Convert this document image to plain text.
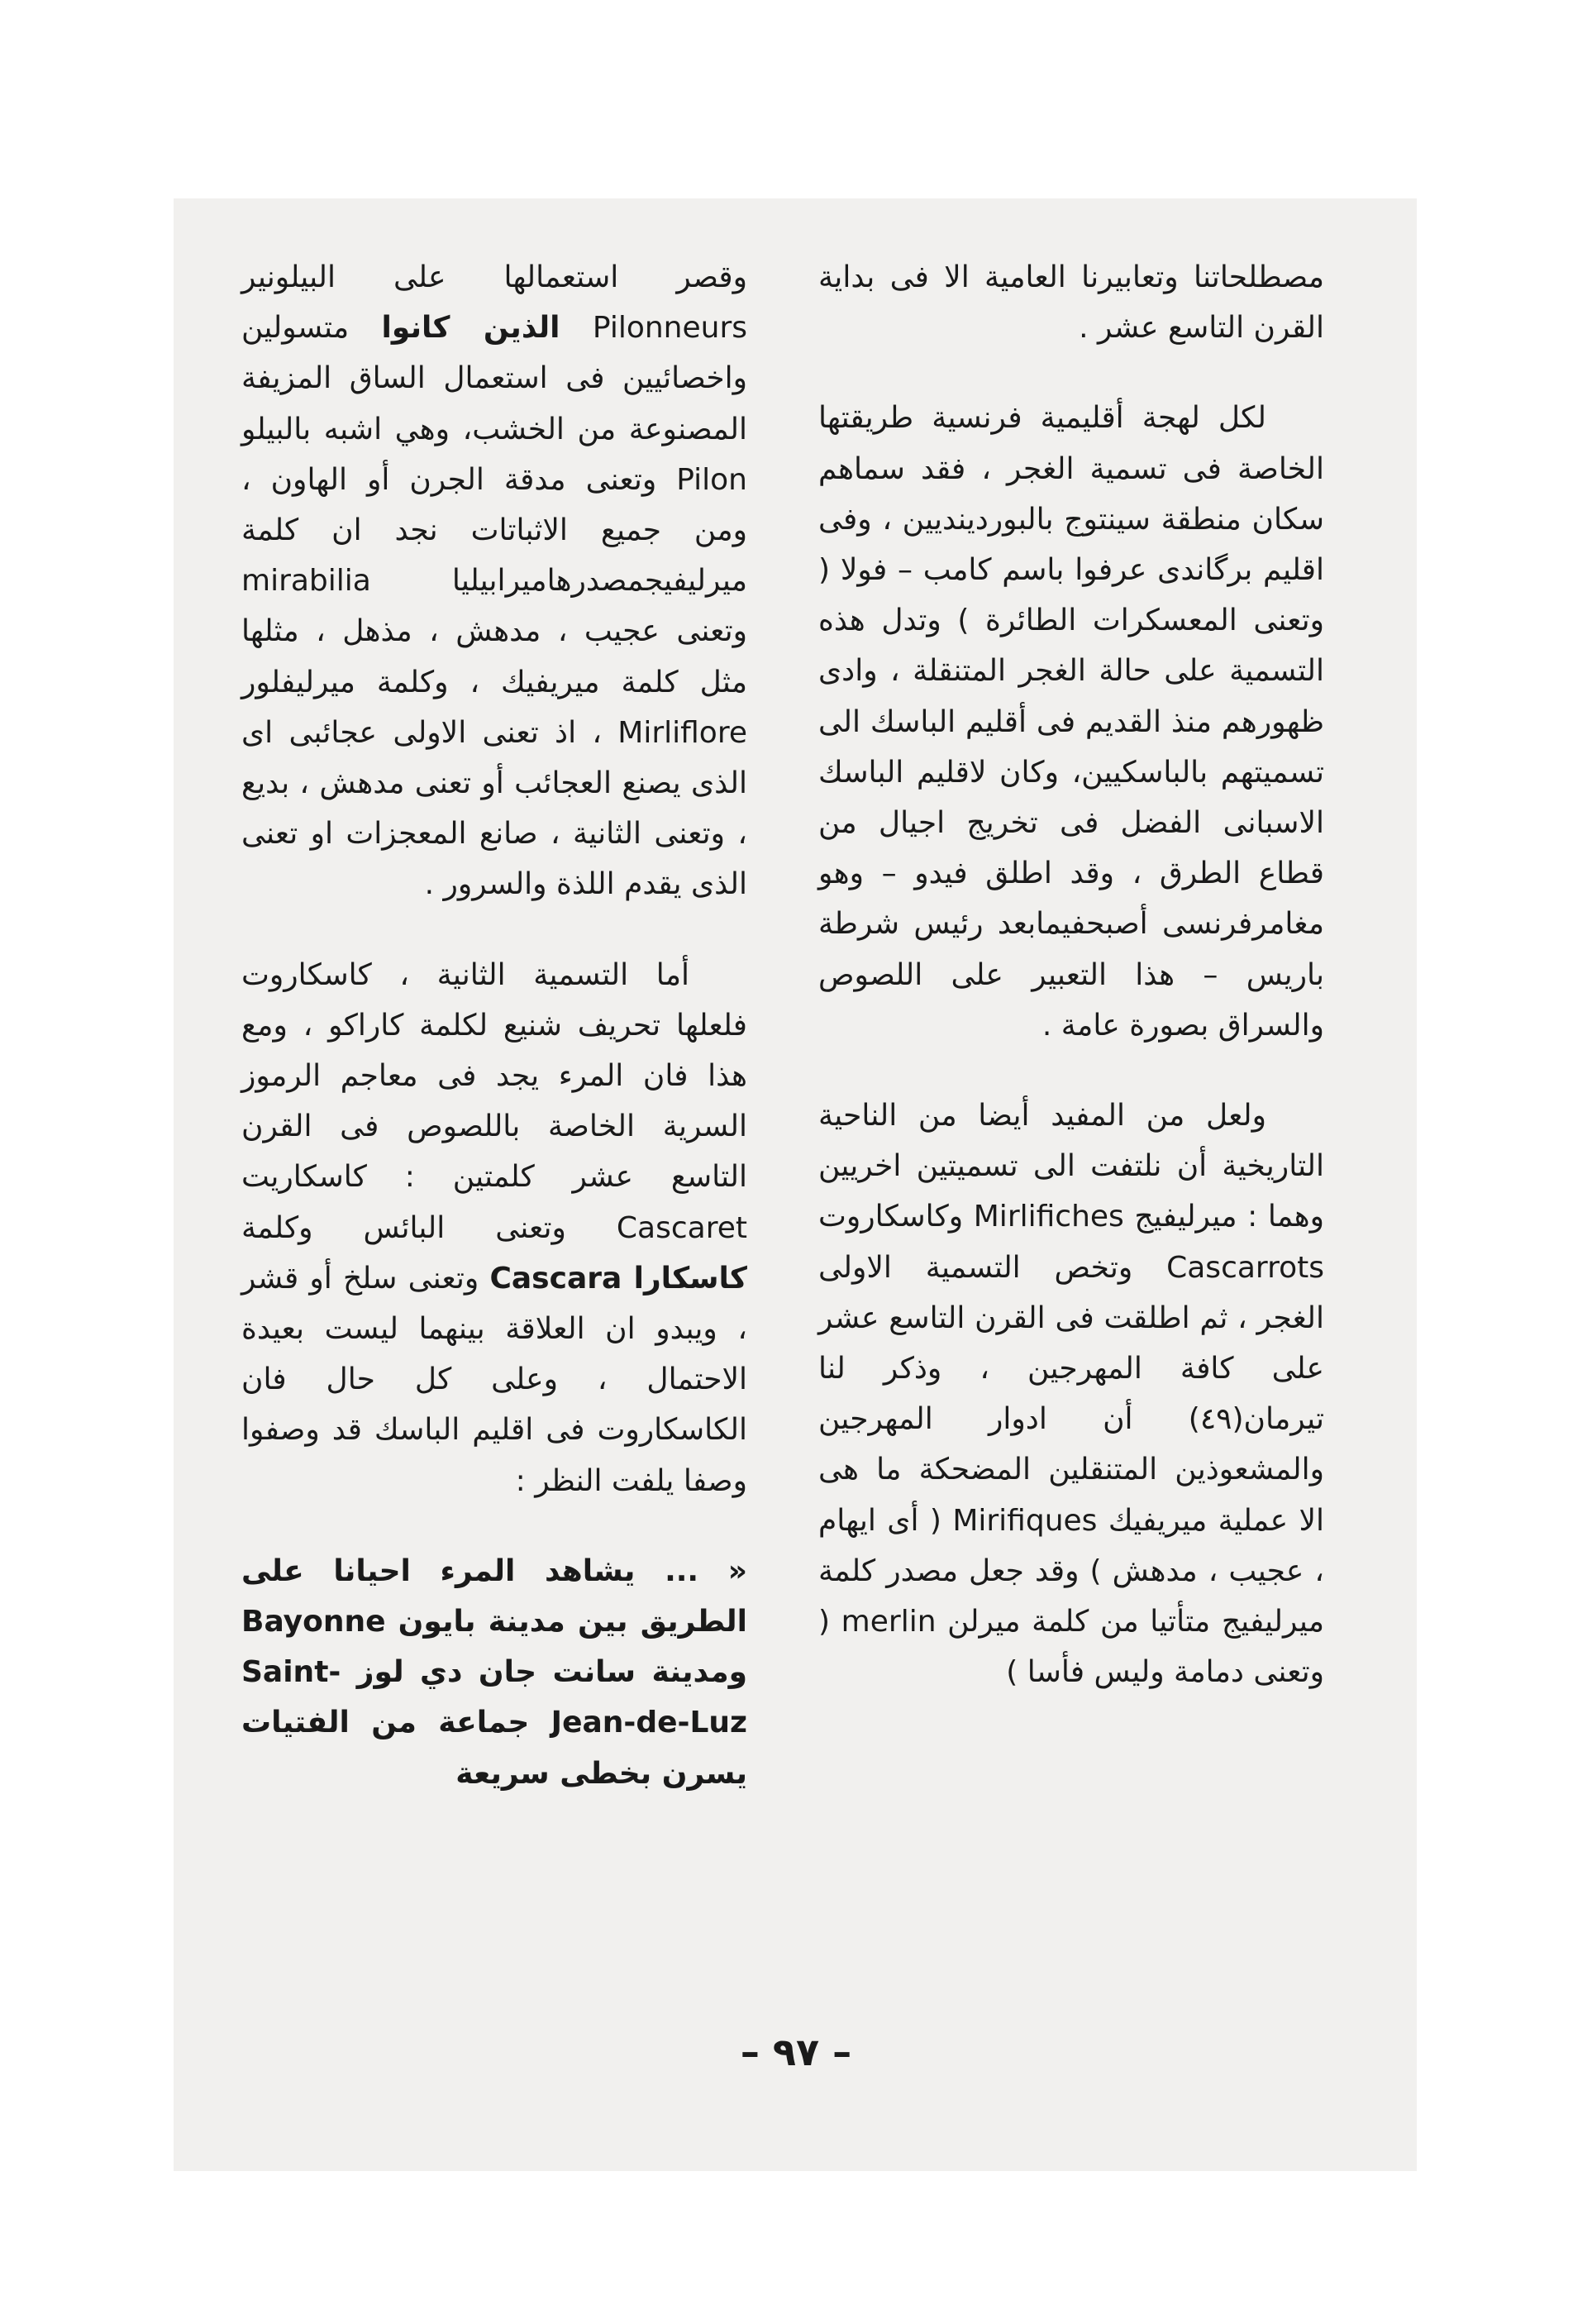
مصطلحاتنا وتعابيرنا العامية الا فى بداية القرن التاسع عشر .

لكل لهجة أقليمية فرنسية طريقتها الخاصة فى تسمية الغجر ، فقد سماهم سكان منطقة سينتوج بالبوردينديين ، وفى اقليم برگاندى عرفوا باسم كامب – فولا ( وتعنى المعسكرات الطائرة ) وتدل هذه التسمية على حالة الغجر المتنقلة ، وادى ظهورهم منذ القديم فى أقليم الباسك الى تسميتهم بالباسكيين، وكان لاقليم الباسك الاسبانى الفضل فى تخريج اجيال من قطاع الطرق ، وقد اطلق فيدو – وهو مغامرفرنسى أصبحفيمابعد رئيس شرطة باريس – هذا التعبير على اللصوص والسراق بصورة عامة .

ولعل من المفيد أيضا من الناحية التاريخية أن نلتفت الى تسميتين اخريين وهما : ميرليفيج Mirlifiches وكاسكاروت Cascarrots وتخص التسمية الاولى الغجر ، ثم اطلقت فى القرن التاسع عشر على كافة المهرجين ، وذكر لنا تيرمان(٤٩) أن ادوار المهرجين والمشعوذين المتنقلين المضحكة ما هى الا عملية ميريفيك Mirifiques ( أى ايهام ، عجيب ، مدهش ) وقد جعل مصدر كلمة ميرليفيج متأتيا من كلمة ميرلن merlin ( وتعنى دمامة وليس فأسا )

وقصر استعمالها على البيلونير Pilonneurs الذين كانوا متسولين واخصائيين فى استعمال الساق المزيفة المصنوعة من الخشب، وهي اشبه بالبيلو Pilon وتعنى مدقة الجرن أو الهاون ، ومن جميع الاثباتات نجد ان كلمة ميرليفيجمصدرهاميرابيليا mirabilia وتعنى عجيب ، مدهش ، مذهل ، مثلها مثل كلمة ميريفيك ، وكلمة ميرليفلور Mirliflore ، اذ تعنى الاولى عجائبى اى الذى يصنع العجائب أو تعنى مدهش ، بديع ، وتعنى الثانية ، صانع المعجزات او تعنى الذى يقدم اللذة والسرور .

أما التسمية الثانية ، كاسكاروت فلعلها تحريف شنيع لكلمة كاراكو ، ومع هذا فان المرء يجد فى معاجم الرموز السرية الخاصة باللصوص فى القرن التاسع عشر كلمتين : كاسكاريت Cascaret وتعنى البائس وكلمة كاسكارا Cascara وتعنى سلخ أو قشر ، ويبدو ان العلاقة بينهما ليست بعيدة الاحتمال ، وعلى كل حال فان الكاسكاروت فى اقليم الباسك قد وصفوا وصفا يلفت النظر :

« ... يشاهد المرء احيانا على الطريق بين مدينة بايون Bayonne ومدينة سانت جان دي لوز Saint-Jean-de-Luz جماعة من الفتيات يسرن بخطى سريعة

– ٩٧ –
